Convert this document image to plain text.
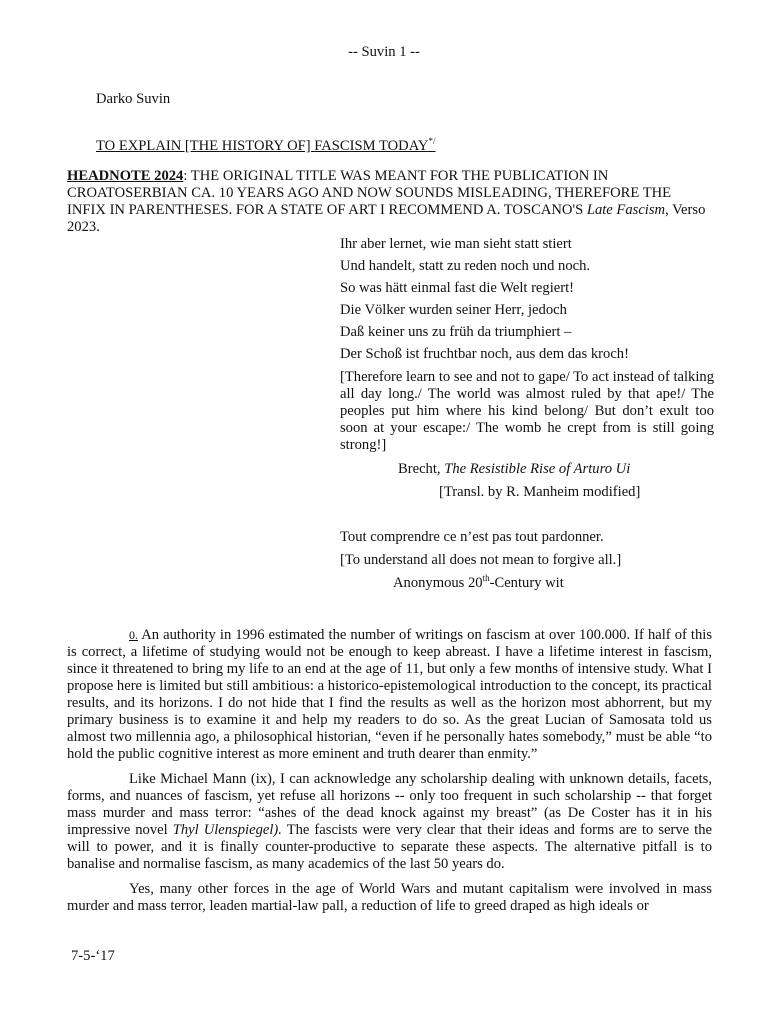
-- Suvin 1 --
Darko Suvin
TO EXPLAIN [THE HISTORY OF] FASCISM TODAY*/
HEADNOTE 2024: THE ORIGINAL TITLE WAS MEANT FOR THE PUBLICATION IN CROATOSERBIAN CA. 10 YEARS AGO AND NOW SOUNDS MISLEADING, THEREFORE THE INFIX IN PARENTHESES. FOR A STATE OF ART I RECOMMEND A. TOSCANO'S Late Fascism, Verso 2023.
Ihr aber lernet, wie man sieht statt stiert
Und handelt, statt zu reden noch und noch.
So was hätt einmal fast die Welt regiert!
Die Völker wurden seiner Herr, jedoch
Daß keiner uns zu früh da triumphiert –
Der Schoß ist fruchtbar noch, aus dem das kroch!
[Therefore learn to see and not to gape/ To act instead of talking all day long./ The world was almost ruled by that ape!/ The peoples put him where his kind belong/ But don’t exult too soon at your escape:/ The womb he crept from is still going strong!]
Brecht, The Resistible Rise of Arturo Ui
[Transl. by R. Manheim modified]
Tout comprendre ce n’est pas tout pardonner.
[To understand all does not mean to forgive all.]
Anonymous 20th-Century wit

0. An authority in 1996 estimated the number of writings on fascism at over 100.000. If half of this is correct, a lifetime of studying would not be enough to keep abreast. I have a lifetime interest in fascism, since it threatened to bring my life to an end at the age of 11, but only a few months of intensive study. What I propose here is limited but still ambitious: a historico-epistemological introduction to the concept, its practical results, and its horizons. I do not hide that I find the results as well as the horizon most abhorrent, but my primary business is to examine it and help my readers to do so. As the great Lucian of Samosata told us almost two millennia ago, a philosophical historian, “even if he personally hates somebody,” must be able “to hold the public cognitive interest as more eminent and truth dearer than enmity.”

Like Michael Mann (ix), I can acknowledge any scholarship dealing with unknown details, facets, forms, and nuances of fascism, yet refuse all horizons -- only too frequent in such scholarship -- that forget mass murder and mass terror: “ashes of the dead knock against my breast” (as De Coster has it in his impressive novel Thyl Ulenspiegel). The fascists were very clear that their ideas and forms are to serve the will to power, and it is finally counter-productive to separate these aspects. The alternative pitfall is to banalise and normalise fascism, as many academics of the last 50 years do.

Yes, many other forces in the age of World Wars and mutant capitalism were involved in mass murder and mass terror, leaden martial-law pall, a reduction of life to greed draped as high ideals or

7-5-‘17
